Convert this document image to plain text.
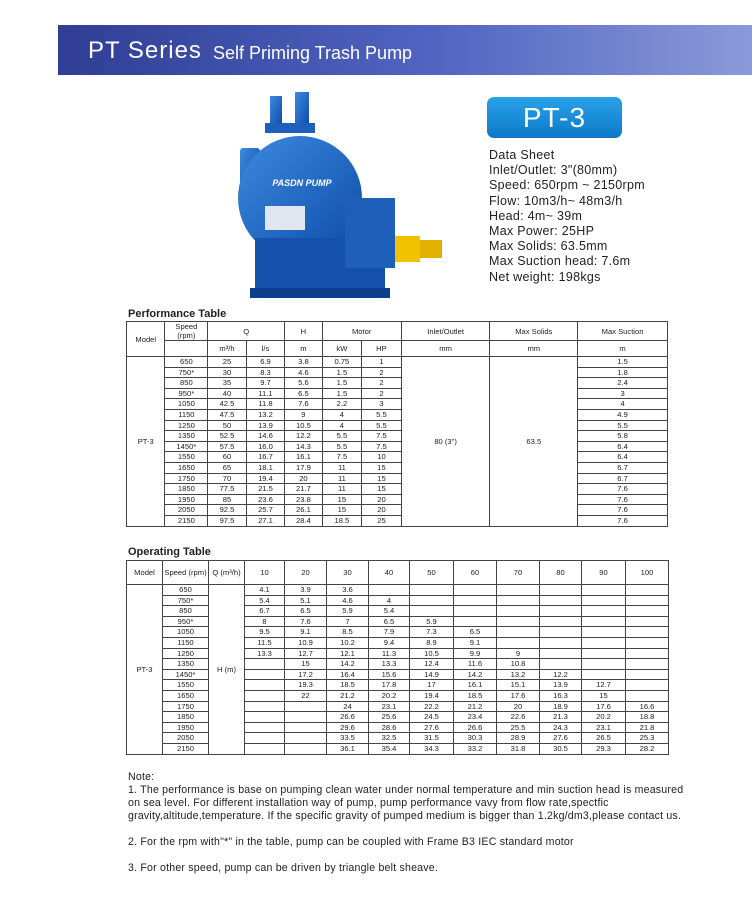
PT Series Self Priming Trash Pump
PASDN PUMP
PT-3
Data Sheet
Inlet/Outlet: 3"(80mm)
Speed: 650rpm ~ 2150rpm
Flow: 10m3/h~ 48m3/h
Head: 4m~ 39m
Max Power: 25HP
Max Solids: 63.5mm
Max Suction head: 7.6m
Net weight: 198kgs
Performance Table
Model	Speed (rpm)	Q		H	Motor		Inlet/Outlet	Max Solids	Max Suction
		m³/h	l/s	m	kW	HP	mm	mm	m
PT-3	650	25	6.9	3.8	0.75	1	80 (3")	63.5	1.5
	750*	30	8.3	4.6	1.5	2			1.8
	850	35	9.7	5.6	1.5	2			2.4
	950*	40	11.1	6.5	1.5	2			3
	1050	42.5	11.8	7.6	2.2	3			4
	1150	47.5	13.2	9	4	5.5			4.9
	1250	50	13.9	10.5	4	5.5			5.5
	1350	52.5	14.6	12.2	5.5	7.5			5.8
	1450*	57.5	16.0	14.3	5.5	7.5			6.4
	1550	60	16.7	16.1	7.5	10			6.4
	1650	65	18.1	17.9	11	15			6.7
	1750	70	19.4	20	11	15			6.7
	1850	77.5	21.5	21.7	11	15			7.6
	1950	85	23.6	23.8	15	20			7.6
	2050	92.5	25.7	26.1	15	20			7.6
	2150	97.5	27.1	28.4	18.5	25			7.6
Operating Table
Model	Speed (rpm)	Q (m³/h)	10	20	30	40	50	60	70	80	90	100
PT-3	650	H (m)	4.1	3.9	3.6							
	750*		5.4	5.1	4.6	4						
	850		6.7	6.5	5.9	5.4						
	950*		8	7.6	7	6.5	5.9					
	1050		9.5	9.1	8.5	7.9	7.3	6.5				
	1150		11.5	10.9	10.2	9.4	8.9	9.1				
	1250		13.3	12.7	12.1	11.3	10.5	9.9	9			
	1350			15	14.2	13.3	12.4	11.6	10.8			
	1450*			17.2	16.4	15.6	14.9	14.2	13.2	12.2		
	1550			19.3	18.5	17.8	17	16.1	15.1	13.9	12.7	
	1650			22	21.2	20.2	19.4	18.5	17.6	16.3	15	
	1750				24	23.1	22.2	21.2	20	18.9	17.6	16.6
	1850				26.6	25.6	24.5	23.4	22.6	21.3	20.2	18.8
	1950				29.6	28.6	27.6	26.6	25.5	24.3	23.1	21.8
	2050				33.5	32.5	31.5	30.3	28.9	27.6	26.5	25.3
	2150				36.1	35.4	34.3	33.2	31.8	30.5	29.3	28.2

Note:

1. The performance is base on pumping clean water under normal temperature and min suction head is measured on sea level. For different installation way of pump, pump performance vavy from flow rate,spectfic gravity,altitude,temperature. If the specific gravity of pumped medium is bigger than 1.2kg/dm3,please contact us.

2. For the rpm with"*" in the table, pump can be coupled with Frame B3 IEC standard motor

3. For other speed, pump can be driven by triangle belt sheave.
